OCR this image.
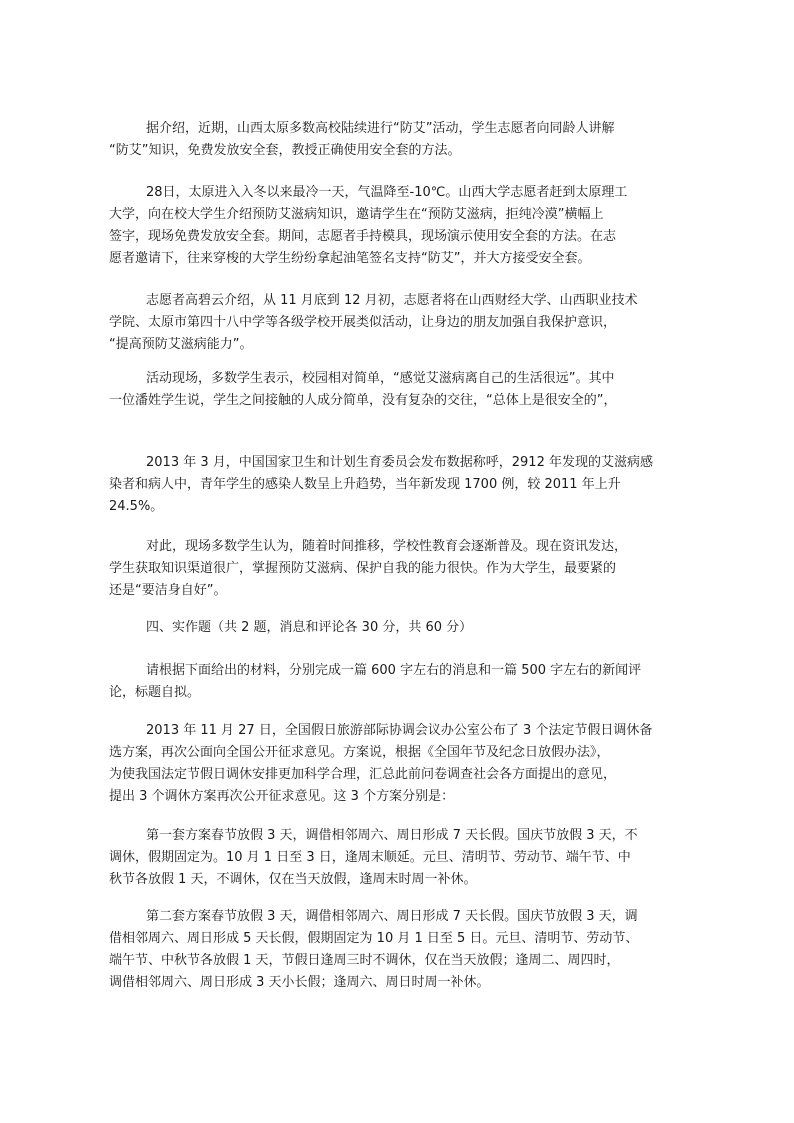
据介绍，近期，山西太原多数高校陆续进行“防艾”活动，学生志愿者向同龄人讲解
“防艾”知识，免费发放安全套，教授正确使用安全套的方法。

28日，太原进入入冬以来最冷一天，气温降至-10℃。山西大学志愿者赶到太原理工
大学，向在校大学生介绍预防艾滋病知识，邀请学生在“预防艾滋病，拒纯冷漠”横幅上
签字，现场免费发放安全套。期间，志愿者手持模具，现场演示使用安全套的方法。在志
愿者邀请下，往来穿梭的大学生纷纷拿起油笔签名支持“防艾”，并大方接受安全套。

志愿者高碧云介绍，从 11 月底到 12 月初，志愿者将在山西财经大学、山西职业技术
学院、太原市第四十八中学等各级学校开展类似活动，让身边的朋友加强自我保护意识，
“提高预防艾滋病能力”。

活动现场，多数学生表示，校园相对简单，“感觉艾滋病离自己的生活很远”。其中
一位潘姓学生说，学生之间接触的人成分简单，没有复杂的交往，“总体上是很安全的”，

2013 年 3 月，中国国家卫生和计划生育委员会发布数据称呼，2912 年发现的艾滋病感
染者和病人中，青年学生的感染人数呈上升趋势，当年新发现 1700 例，较 2011 年上升
24.5%。

对此，现场多数学生认为，随着时间推移，学校性教育会逐渐普及。现在资讯发达，
学生获取知识渠道很广，掌握预防艾滋病、保护自我的能力很快。作为大学生，最要紧的
还是“要洁身自好”。

四、实作题（共 2 题，消息和评论各 30 分，共 60 分）

请根据下面给出的材料，分别完成一篇 600 字左右的消息和一篇 500 字左右的新闻评
论，标题自拟。

2013 年 11 月 27 日，全国假日旅游部际协调会议办公室公布了 3 个法定节假日调休备
选方案，再次公面向全国公开征求意见。方案说，根据《全国年节及纪念日放假办法》，
为使我国法定节假日调休安排更加科学合理，汇总此前问卷调查社会各方面提出的意见，
提出 3 个调休方案再次公开征求意见。这 3 个方案分别是：

第一套方案春节放假 3 天，调借相邻周六、周日形成 7 天长假。国庆节放假 3 天，不
调休，假期固定为。10 月 1 日至 3 日，逢周末顺延。元旦、清明节、劳动节、端午节、中
秋节各放假 1 天，不调休，仅在当天放假，逢周末时周一补休。

第二套方案春节放假 3 天，调借相邻周六、周日形成 7 天长假。国庆节放假 3 天，调
借相邻周六、周日形成 5 天长假，假期固定为 10 月 1 日至 5 日。元旦、清明节、劳动节、
端午节、中秋节各放假 1 天，节假日逢周三时不调休，仅在当天放假；逢周二、周四时，
调借相邻周六、周日形成 3 天小长假；逢周六、周日时周一补休。
